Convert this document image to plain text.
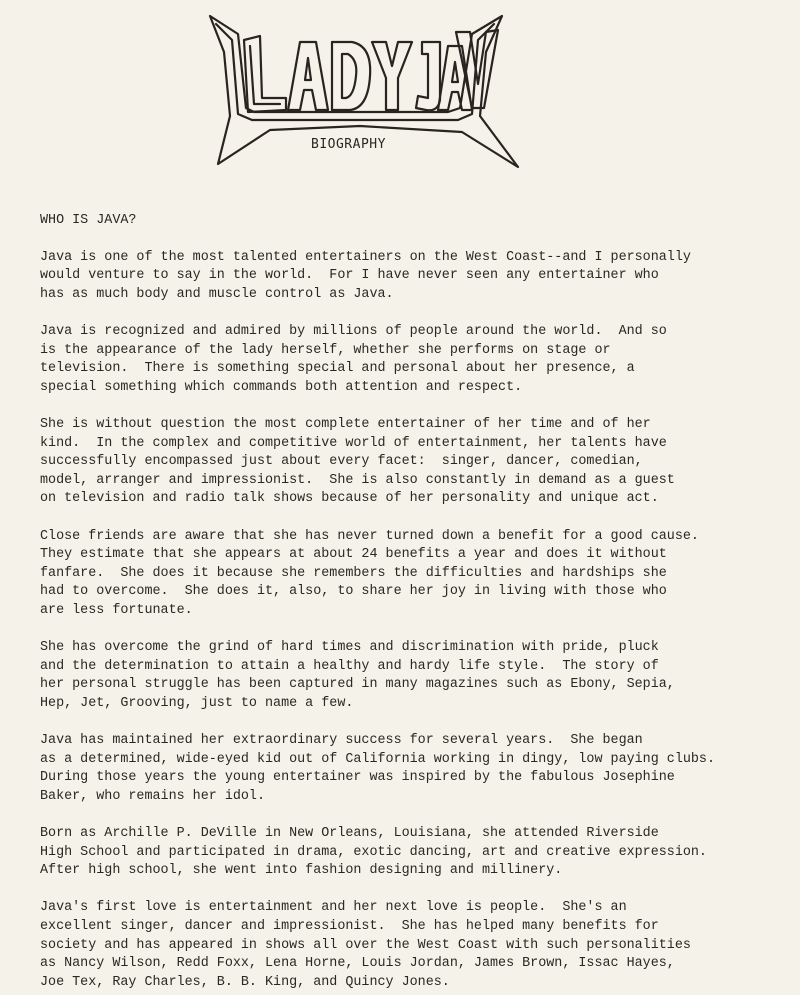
BIOGRAPHY

WHO IS JAVA?

Java is one of the most talented entertainers on the West Coast--and I personally
would venture to say in the world.  For I have never seen any entertainer who
has as much body and muscle control as Java.

Java is recognized and admired by millions of people around the world.  And so
is the appearance of the lady herself, whether she performs on stage or
television.  There is something special and personal about her presence, a
special something which commands both attention and respect.

She is without question the most complete entertainer of her time and of her
kind.  In the complex and competitive world of entertainment, her talents have
successfully encompassed just about every facet:  singer, dancer, comedian,
model, arranger and impressionist.  She is also constantly in demand as a guest
on television and radio talk shows because of her personality and unique act.

Close friends are aware that she has never turned down a benefit for a good cause.
They estimate that she appears at about 24 benefits a year and does it without
fanfare.  She does it because she remembers the difficulties and hardships she
had to overcome.  She does it, also, to share her joy in living with those who
are less fortunate.

She has overcome the grind of hard times and discrimination with pride, pluck
and the determination to attain a healthy and hardy life style.  The story of
her personal struggle has been captured in many magazines such as Ebony, Sepia,
Hep, Jet, Grooving, just to name a few.

Java has maintained her extraordinary success for several years.  She began
as a determined, wide-eyed kid out of California working in dingy, low paying clubs.
During those years the young entertainer was inspired by the fabulous Josephine
Baker, who remains her idol.

Born as Archille P. DeVille in New Orleans, Louisiana, she attended Riverside
High School and participated in drama, exotic dancing, art and creative expression.
After high school, she went into fashion designing and millinery.

Java's first love is entertainment and her next love is people.  She's an
excellent singer, dancer and impressionist.  She has helped many benefits for
society and has appeared in shows all over the West Coast with such personalities
as Nancy Wilson, Redd Foxx, Lena Horne, Louis Jordan, James Brown, Issac Hayes,
Joe Tex, Ray Charles, B. B. King, and Quincy Jones.
